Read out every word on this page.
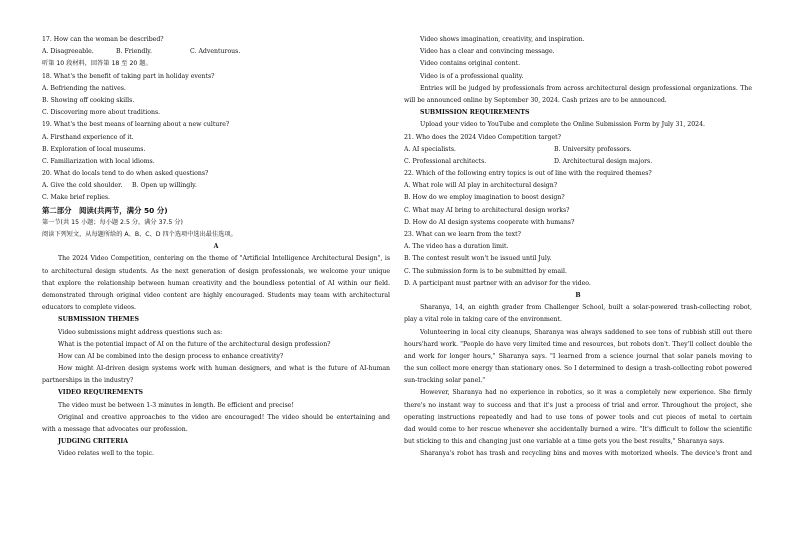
17. How can the woman be described?
A. Disagreeable.	B. Friendly.	C. Adventurous.
听第 10 段材料，回答第 18 至 20 题。
18. What's the benefit of taking part in holiday events?
A. Befriending the natives.
B. Showing off cooking skills.
C. Discovering more about traditions.
19. What's the best means of learning about a new culture?
A. Firsthand experience of it.
B. Exploration of local museums.
C. Familiarization with local idioms.
20. What do locals tend to do when asked questions?
A. Give the cold shoulder.	B. Open up willingly.
C. Make brief replies.
第二部分　阅读(共两节，满分 50 分)
第一节(共 15 小题；每小题 2.5 分，满分 37.5 分)
阅读下列短文，从每题所给的 A、B、C、D 四个选项中选出最佳选项。
A
The 2024 Video Competition, centering on the theme of "Artificial Intelligence Architectural Design", is
to architectural design students. As the next generation of design professionals, we welcome your unique
that explore the relationship between human creativity and the boundless potential of AI within our field.
demonstrated through original video content are highly encouraged. Students may team with architectural
educators to complete videos.
SUBMISSION THEMES
Video submissions might address questions such as:
What is the potential impact of AI on the future of the architectural design profession?
How can AI be combined into the design process to enhance creativity?
How might AI-driven design systems work with human designers, and what is the future of AI-human
partnerships in the industry?
VIDEO REQUIREMENTS
The video must be between 1-3 minutes in length. Be efficient and precise!
Original and creative approaches to the video are encouraged! The video should be entertaining and
with a message that advocates our profession.
JUDGING CRITERIA
Video relates well to the topic.
Video shows imagination, creativity, and inspiration.
Video has a clear and convincing message.
Video contains original content.
Video is of a professional quality.
Entries will be judged by professionals from across architectural design professional organizations. The
will be announced online by September 30, 2024. Cash prizes are to be announced.
SUBMISSION REQUIREMENTS
Upload your video to YouTube and complete the Online Submission Form by July 31, 2024.
21. Who does the 2024 Video Competition target?
A. AI specialists.	B. University professors.
C. Professional architects.	D. Architectural design majors.
22. Which of the following entry topics is out of line with the required themes?
A. What role will AI play in architectural design?
B. How do we employ imagination to boost design?
C. What may AI bring to architectural design works?
D. How do AI design systems cooperate with humans?
23. What can we learn from the text?
A. The video has a duration limit.
B. The contest result won't be issued until July.
C. The submission form is to be submitted by email.
D. A participant must partner with an advisor for the video.
B
Sharanya, 14, an eighth grader from Challenger School, built a solar-powered trash-collecting robot,
play a vital role in taking care of the environment.
Volunteering in local city cleanups, Sharanya was always saddened to see tons of rubbish still out there
hours'hard work. "People do have very limited time and resources, but robots don't. They'll collect double the
and work for longer hours," Sharanya says. "I learned from a science journal that solar panels moving to
the sun collect more energy than stationary ones. So I determined to design a trash-collecting robot powered
sun-tracking solar panel."
However, Sharanya had no experience in robotics, so it was a completely new experience. She firmly
there's no instant way to success and that it's just a process of trial and error. Throughout the project, she
operating instructions repeatedly and had to use tons of power tools and cut pieces of metal to certain
dad would come to her rescue whenever she accidentally burned a wire. "It's difficult to follow the scientific
but sticking to this and changing just one variable at a time gets you the best results," Sharanya says.
Sharanya's robot has trash and recycling bins and moves with motorized wheels. The device's front and
